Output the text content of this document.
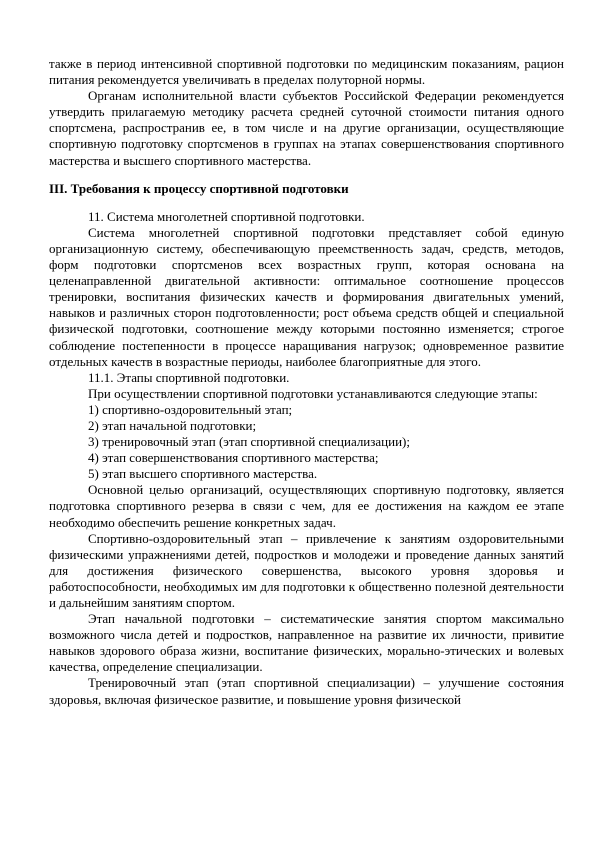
также в период интенсивной спортивной подготовки по медицинским показаниям, рацион питания рекомендуется увеличивать в пределах полуторной нормы.

Органам исполнительной власти субъектов Российской Федерации рекомендуется утвердить прилагаемую методику расчета средней суточной стоимости питания одного спортсмена, распространив ее, в том числе и на другие организации, осуществляющие спортивную подготовку спортсменов в группах на этапах совершенствования спортивного мастерства и высшего спортивного мастерства.

III. Требования к процессу спортивной подготовки

11. Система многолетней спортивной подготовки.

Система многолетней спортивной подготовки представляет собой единую организационную систему, обеспечивающую преемственность задач, средств, методов, форм подготовки спортсменов всех возрастных групп, которая основана на целенаправленной двигательной активности: оптимальное соотношение процессов тренировки, воспитания физических качеств и формирования двигательных умений, навыков и различных сторон подготовленности; рост объема средств общей и специальной физической подготовки, соотношение между которыми постоянно изменяется; строгое соблюдение постепенности в процессе наращивания нагрузок; одновременное развитие отдельных качеств в возрастные периоды, наиболее благоприятные для этого.

11.1. Этапы спортивной подготовки.

При осуществлении спортивной подготовки устанавливаются следующие этапы:

1) спортивно-оздоровительный этап;

2) этап начальной подготовки;

3) тренировочный этап (этап спортивной специализации);

4) этап совершенствования спортивного мастерства;

5) этап высшего спортивного мастерства.

Основной целью организаций, осуществляющих спортивную подготовку, является подготовка спортивного резерва в связи с чем, для ее достижения на каждом ее этапе необходимо обеспечить решение конкретных задач.

Спортивно-оздоровительный этап – привлечение к занятиям оздоровительными физическими упражнениями детей, подростков и молодежи и проведение данных занятий для достижения физического совершенства, высокого уровня здоровья и работоспособности, необходимых им для подготовки к общественно полезной деятельности и дальнейшим занятиям спортом.

Этап начальной подготовки – систематические занятия спортом максимально возможного числа детей и подростков, направленное на развитие их личности, привитие навыков здорового образа жизни, воспитание физических, морально-этических и волевых качества, определение специализации.

Тренировочный этап (этап спортивной специализации) – улучшение состояния здоровья, включая физическое развитие, и повышение уровня физической
